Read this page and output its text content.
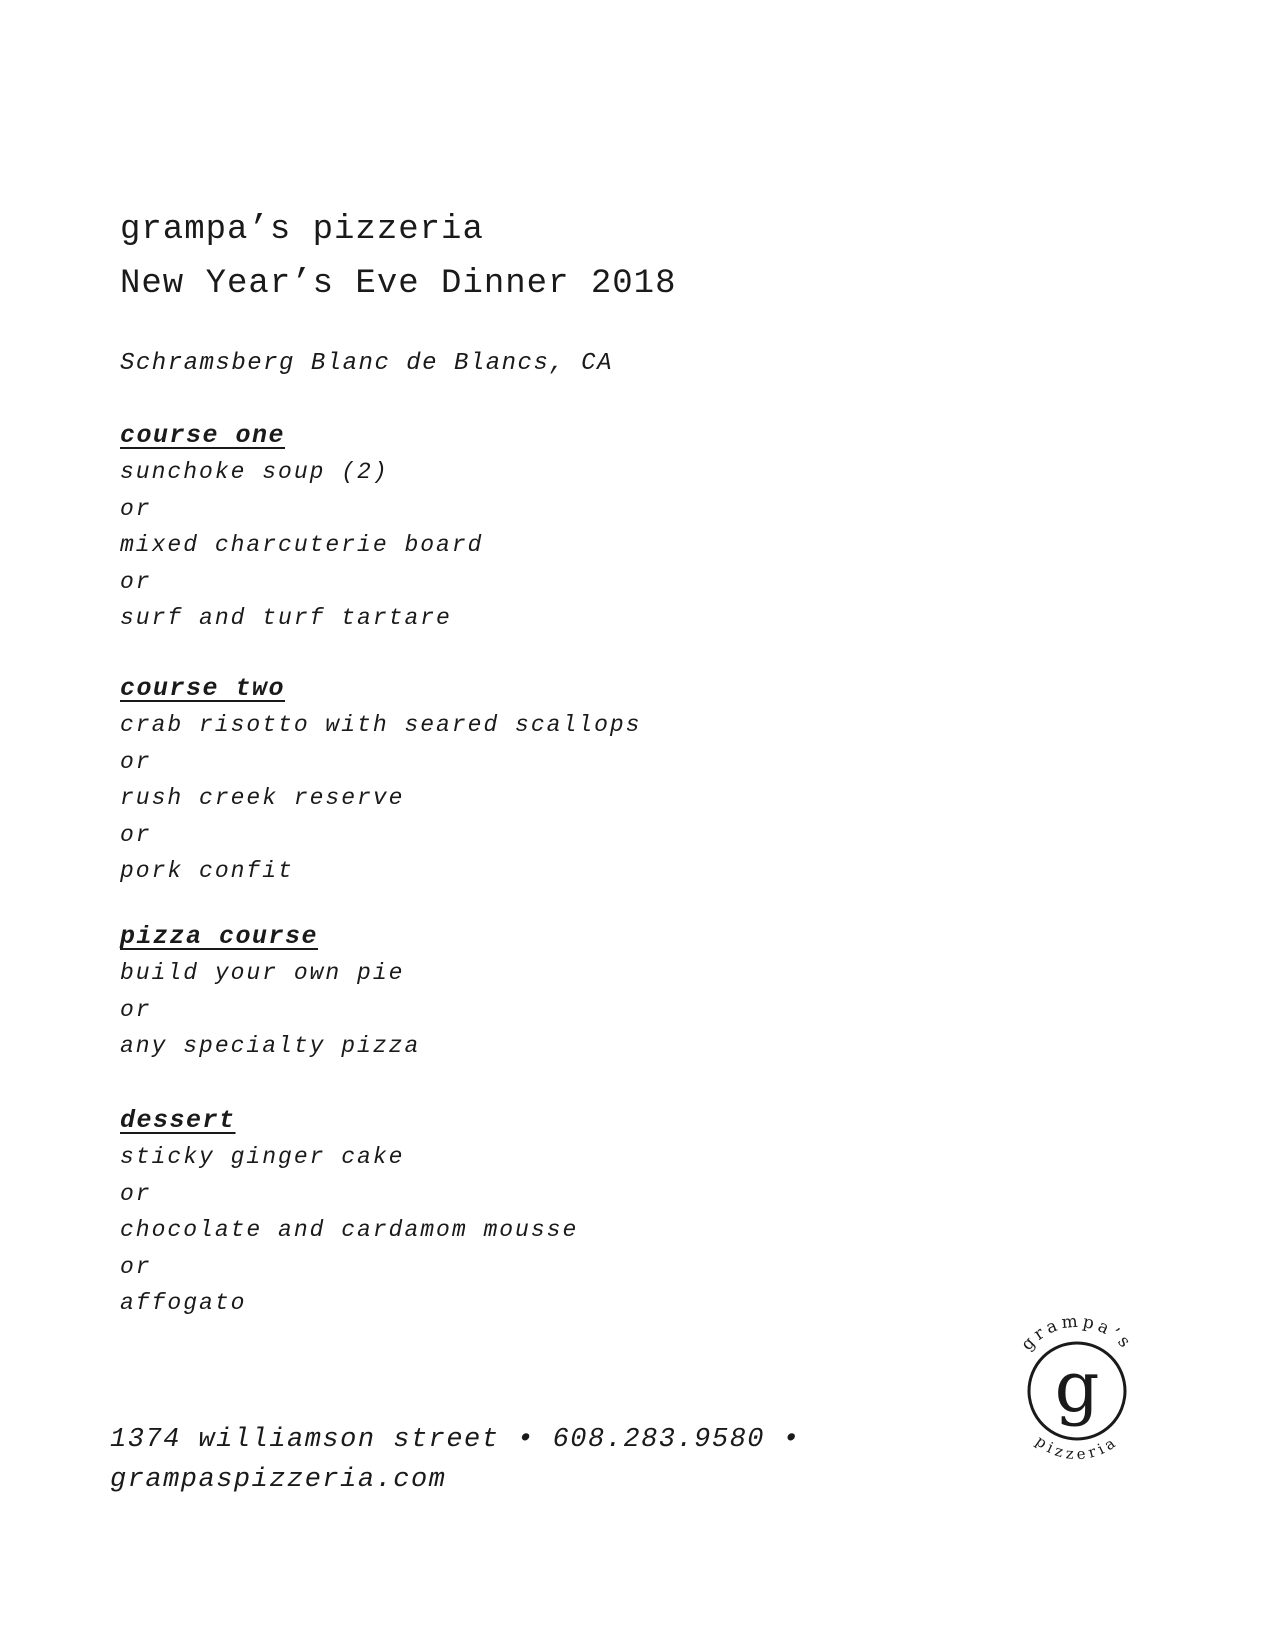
grampa’s pizzeria
New Year’s Eve Dinner 2018
Schramsberg Blanc de Blancs, CA
course one
sunchoke soup (2)
or
mixed charcuterie board
or
surf and turf tartare
course two
crab risotto with seared scallops
or
rush creek reserve
or
pork confit
pizza course
build your own pie
or
any specialty pizza
dessert
sticky ginger cake
or
chocolate and cardamom mousse
or
affogato
1374 williamson street • 608.283.9580 •
grampaspizzeria.com
grampa’s
g
pizzeria
